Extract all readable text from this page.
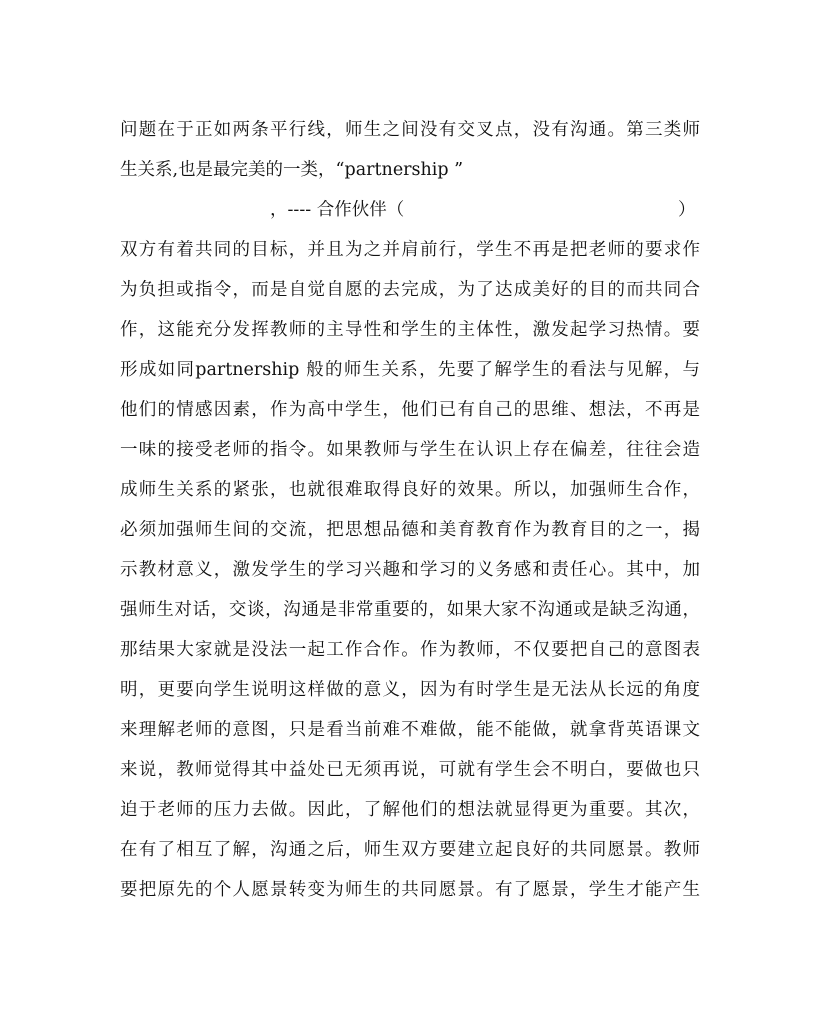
问题在于正如两条平行线，师生之间没有交叉点，没有沟通。第三类师
生关系,也是最完美的一类，“partnership ”
，---- 合作伙伴（	）
双方有着共同的目标，并且为之并肩前行，学生不再是把老师的要求作
为负担或指令，而是自觉自愿的去完成，为了达成美好的目的而共同合
作，这能充分发挥教师的主导性和学生的主体性，激发起学习热情。要
形成如同partnership 般的师生关系，先要了解学生的看法与见解，与
他们的情感因素，作为高中学生，他们已有自己的思维、想法，不再是
一味的接受老师的指令。如果教师与学生在认识上存在偏差，往往会造
成师生关系的紧张，也就很难取得良好的效果。所以，加强师生合作，
必须加强师生间的交流，把思想品德和美育教育作为教育目的之一，揭
示教材意义，激发学生的学习兴趣和学习的义务感和责任心。其中，加
强师生对话，交谈，沟通是非常重要的，如果大家不沟通或是缺乏沟通，
那结果大家就是没法一起工作合作。作为教师，不仅要把自己的意图表
明，更要向学生说明这样做的意义，因为有时学生是无法从长远的角度
来理解老师的意图，只是看当前难不难做，能不能做，就拿背英语课文
来说，教师觉得其中益处已无须再说，可就有学生会不明白，要做也只
迫于老师的压力去做。因此，了解他们的想法就显得更为重要。其次，
在有了相互了解，沟通之后，师生双方要建立起良好的共同愿景。教师
要把原先的个人愿景转变为师生的共同愿景。有了愿景，学生才能产生
